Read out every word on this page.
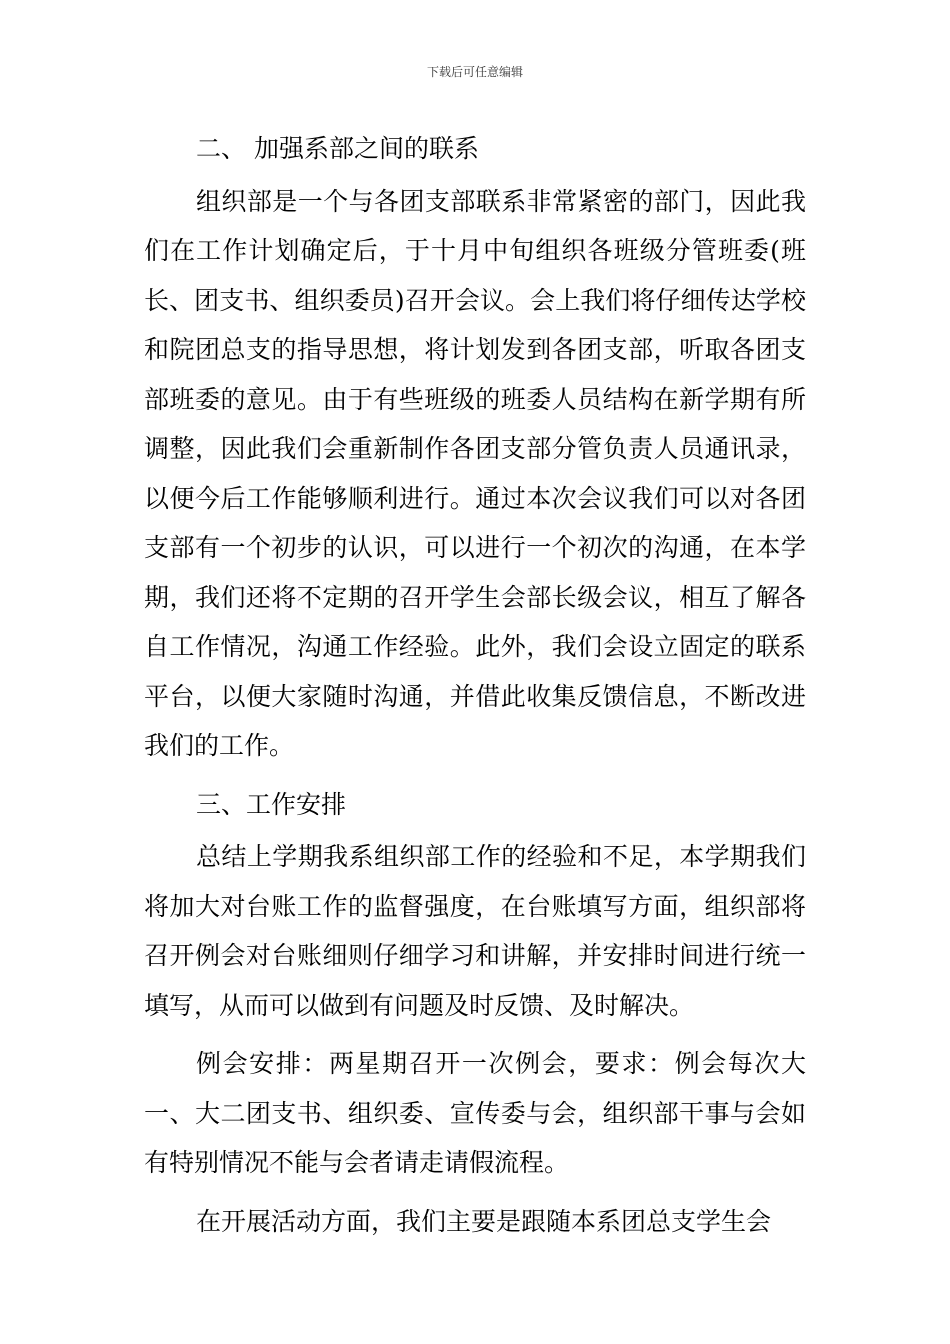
下载后可任意编辑

二、 加强系部之间的联系

组织部是一个与各团支部联系非常紧密的部门，因此我们在工作计划确定后，于十月中旬组织各班级分管班委(班长、团支书、组织委员)召开会议。会上我们将仔细传达学校和院团总支的指导思想，将计划发到各团支部，听取各团支部班委的意见。由于有些班级的班委人员结构在新学期有所调整，因此我们会重新制作各团支部分管负责人员通讯录，以便今后工作能够顺利进行。通过本次会议我们可以对各团支部有一个初步的认识，可以进行一个初次的沟通，在本学期，我们还将不定期的召开学生会部长级会议，相互了解各自工作情况，沟通工作经验。此外，我们会设立固定的联系平台，以便大家随时沟通，并借此收集反馈信息，不断改进我们的工作。

三、工作安排

总结上学期我系组织部工作的经验和不足，本学期我们将加大对台账工作的监督强度，在台账填写方面，组织部将召开例会对台账细则仔细学习和讲解，并安排时间进行统一填写，从而可以做到有问题及时反馈、及时解决。

例会安排：两星期召开一次例会，要求：例会每次大一、大二团支书、组织委、宣传委与会，组织部干事与会如有特别情况不能与会者请走请假流程。

在开展活动方面，我们主要是跟随本系团总支学生会
